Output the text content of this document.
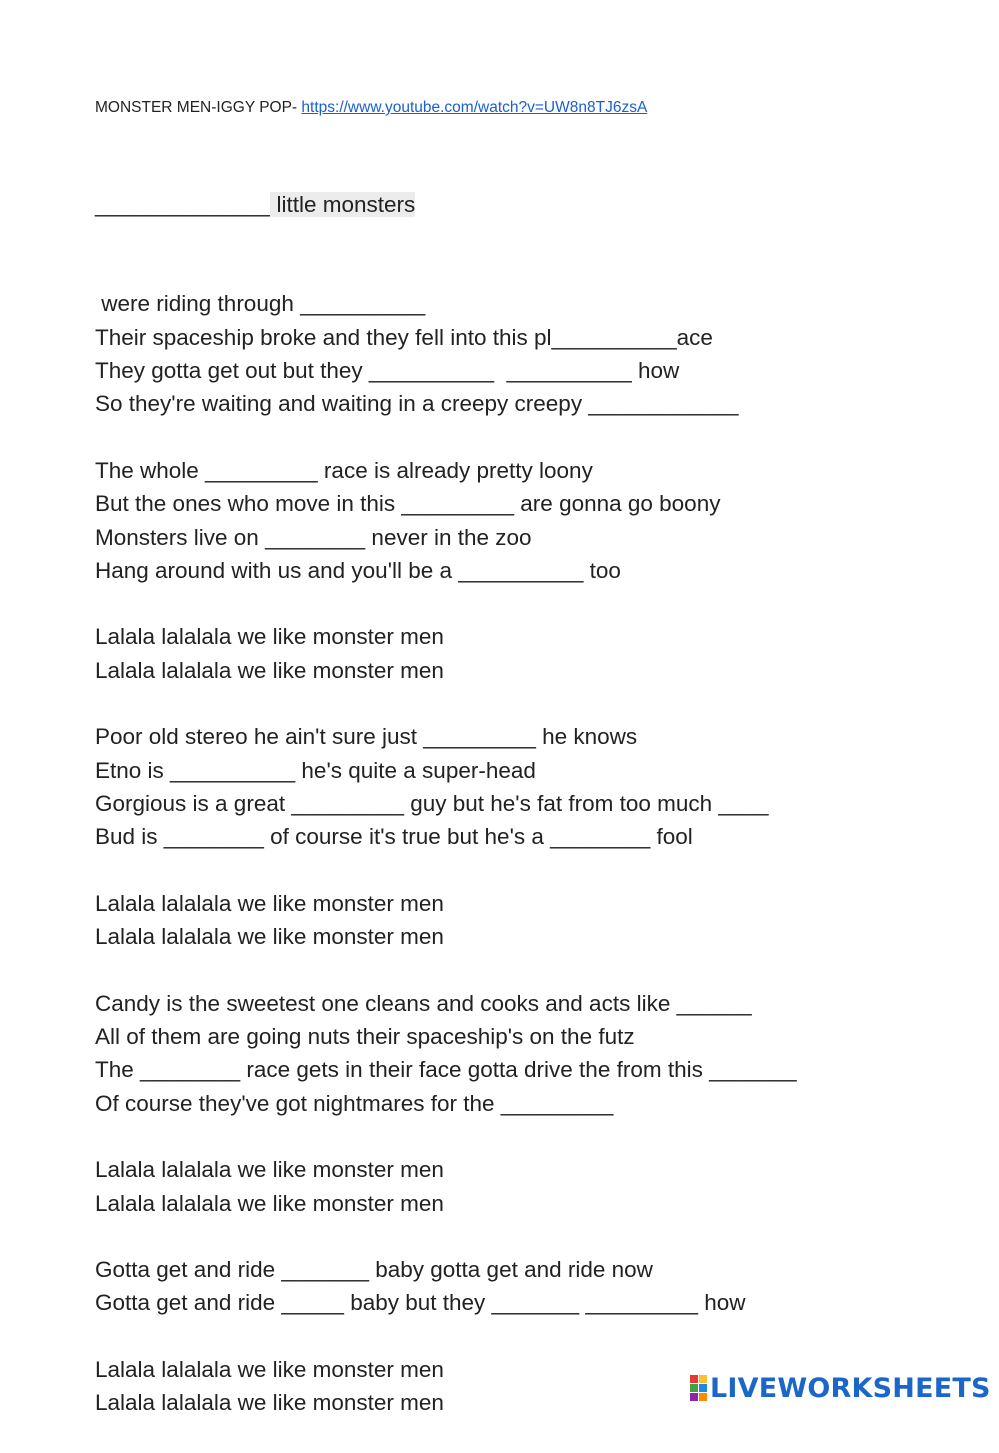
MONSTER MEN-IGGY POP- https://www.youtube.com/watch?v=UW8n8TJ6zsA

______________ little monsters

were riding through __________
Their spaceship broke and they fell into this pl__________ace
They gotta get out but they __________  __________ how
So they're waiting and waiting in a creepy creepy ____________
The whole _________ race is already pretty loony
But the ones who move in this _________ are gonna go boony
Monsters live on ________ never in the zoo
Hang around with us and you'll be a __________ too
Lalala lalalala we like monster men
Lalala lalalala we like monster men
Poor old stereo he ain't sure just _________ he knows
Etno is __________ he's quite a super-head
Gorgious is a great _________ guy but he's fat from too much ____
Bud is ________ of course it's true but he's a ________ fool
Lalala lalalala we like monster men
Lalala lalalala we like monster men
Candy is the sweetest one cleans and cooks and acts like ______
All of them are going nuts their spaceship's on the futz
The ________ race gets in their face gotta drive the from this _______
Of course they've got nightmares for the _________
Lalala lalalala we like monster men
Lalala lalalala we like monster men
Gotta get and ride _______ baby gotta get and ride now
Gotta get and ride _____ baby but they _______ _________ how
Lalala lalalala we like monster men
Lalala lalalala we like monster men	LIVEWORKSHEETS
